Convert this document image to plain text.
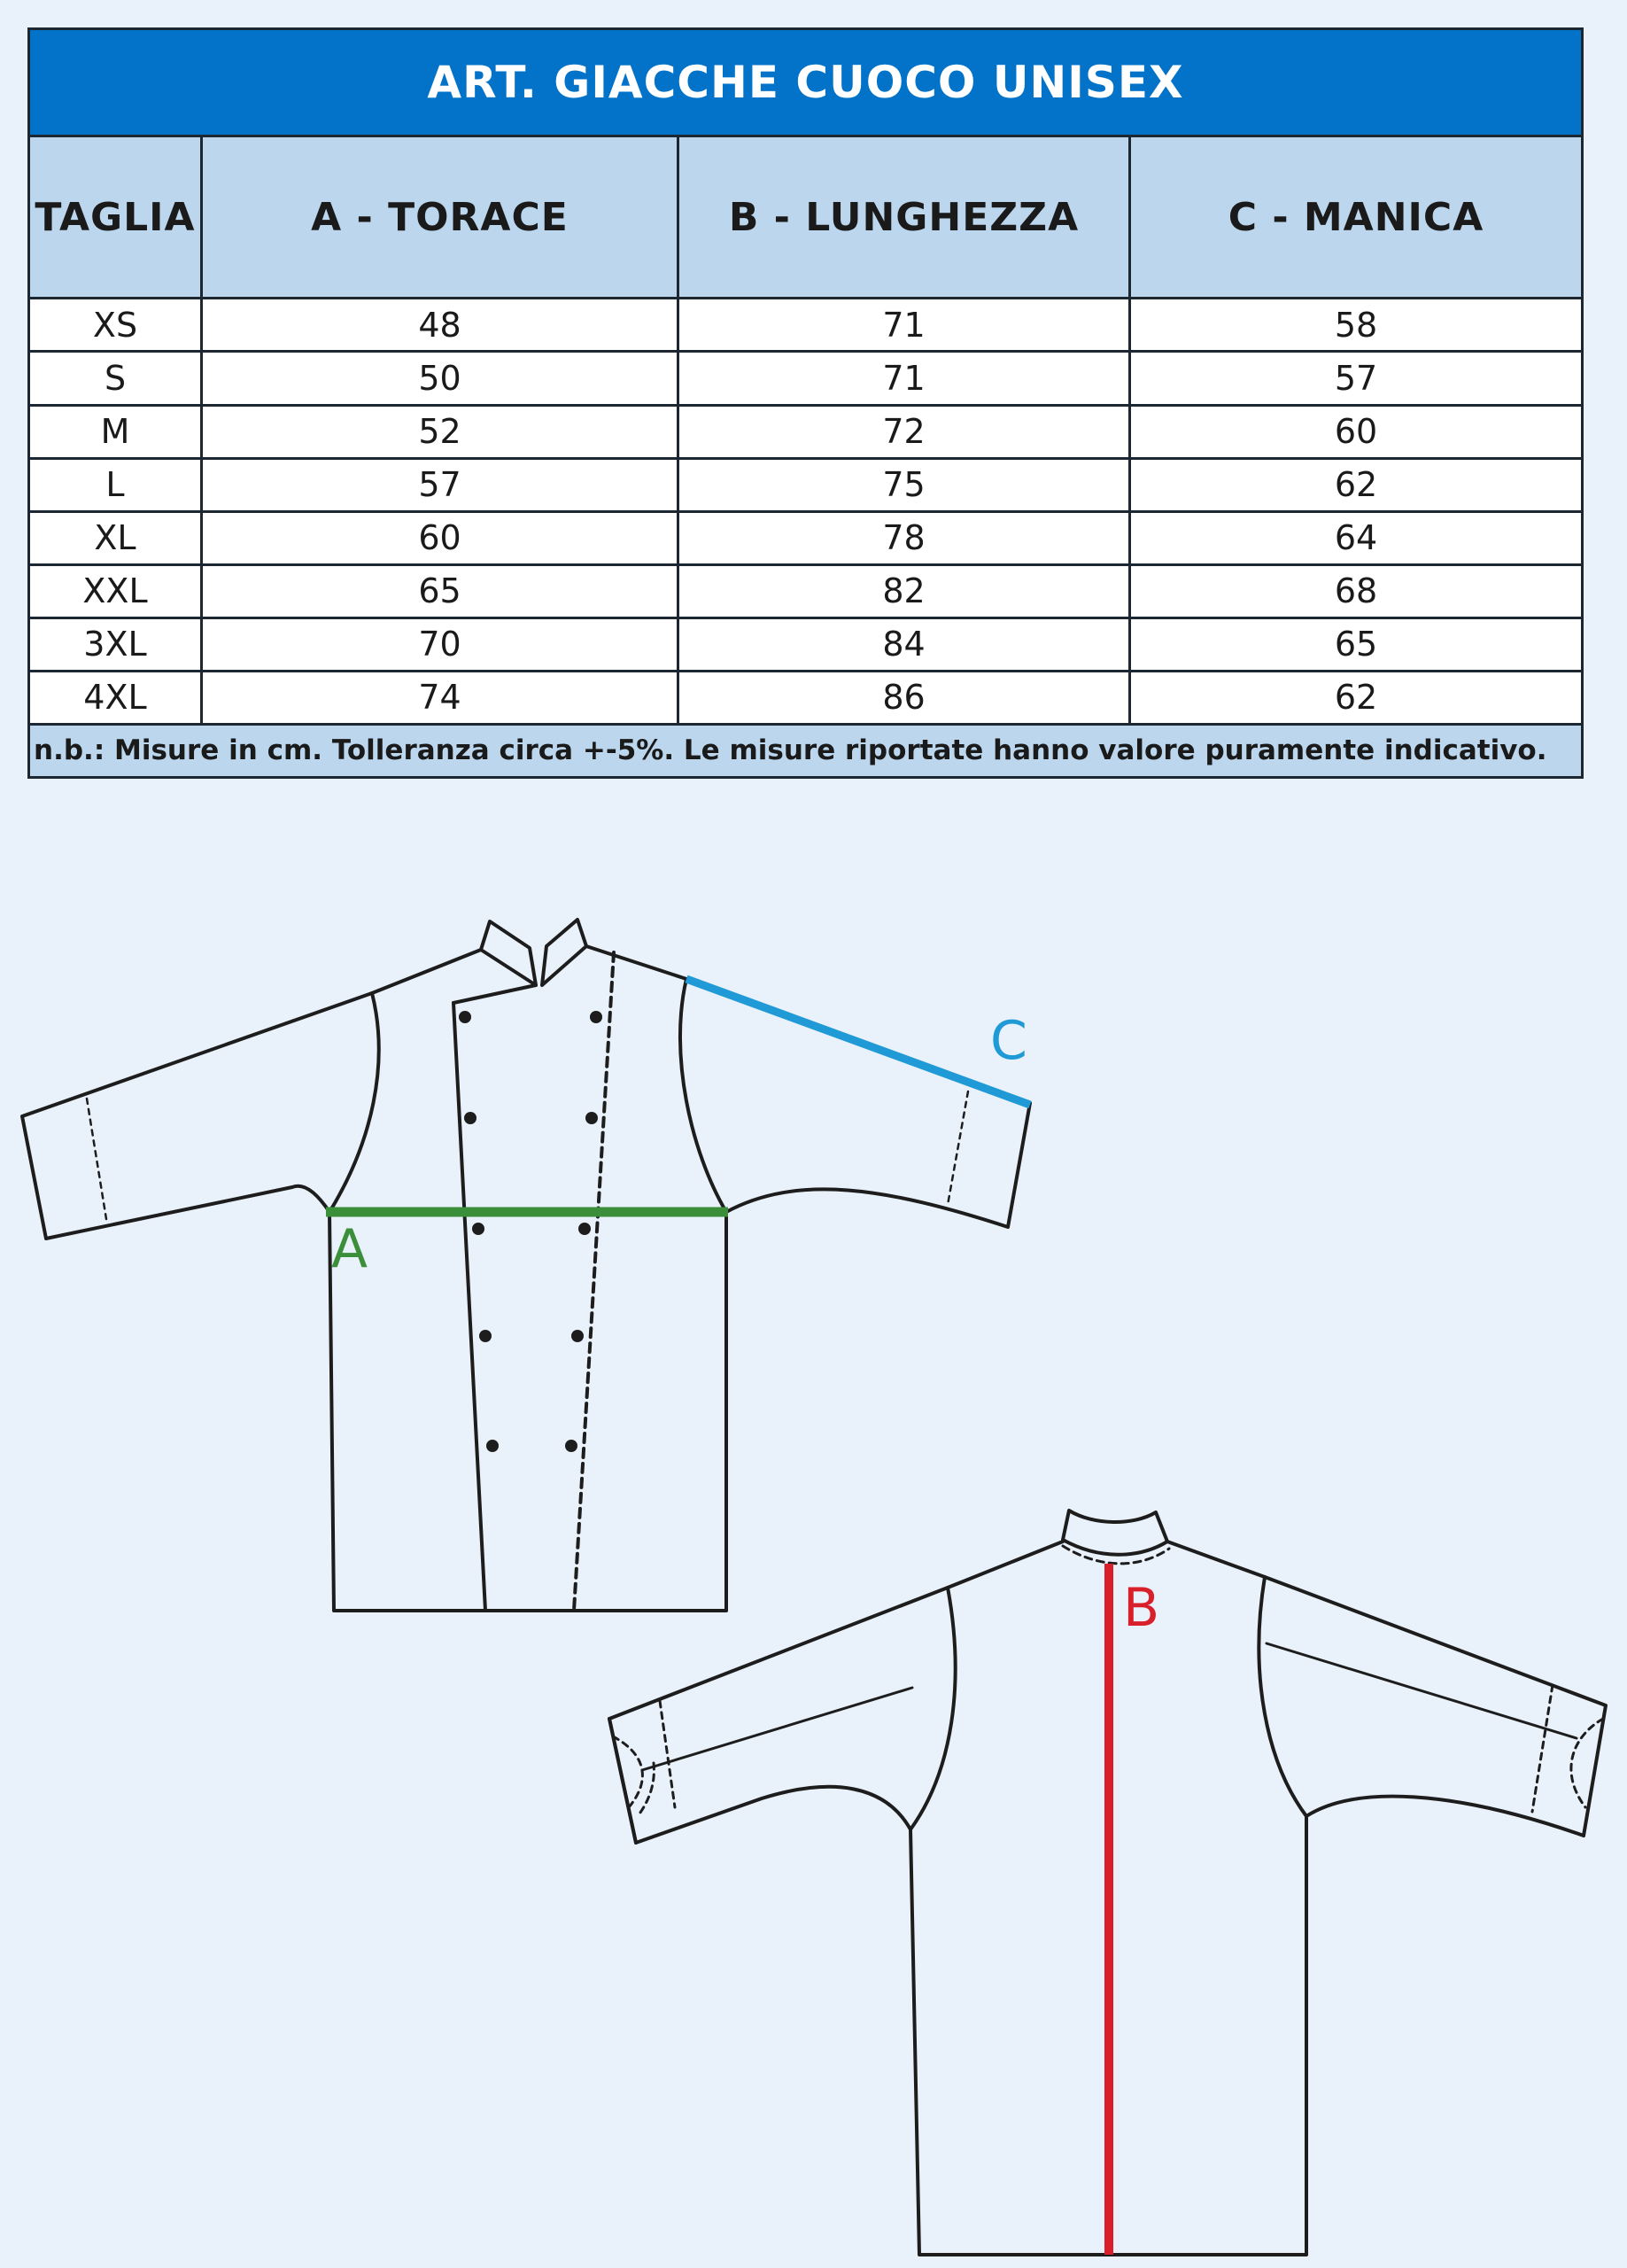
ART. GIACCHE CUOCO UNISEX			
TAGLIA	A - TORACE	B - LUNGHEZZA	C - MANICA
XS	48	71	58
S	50	71	57
M	52	72	60
L	57	75	62
XL	60	78	64
XXL	65	82	68
3XL	70	84	65
4XL	74	86	62
n.b.: Misure in cm. Tolleranza circa +-5%. Le misure riportate hanno valore puramente indicativo.			
A
B
C
